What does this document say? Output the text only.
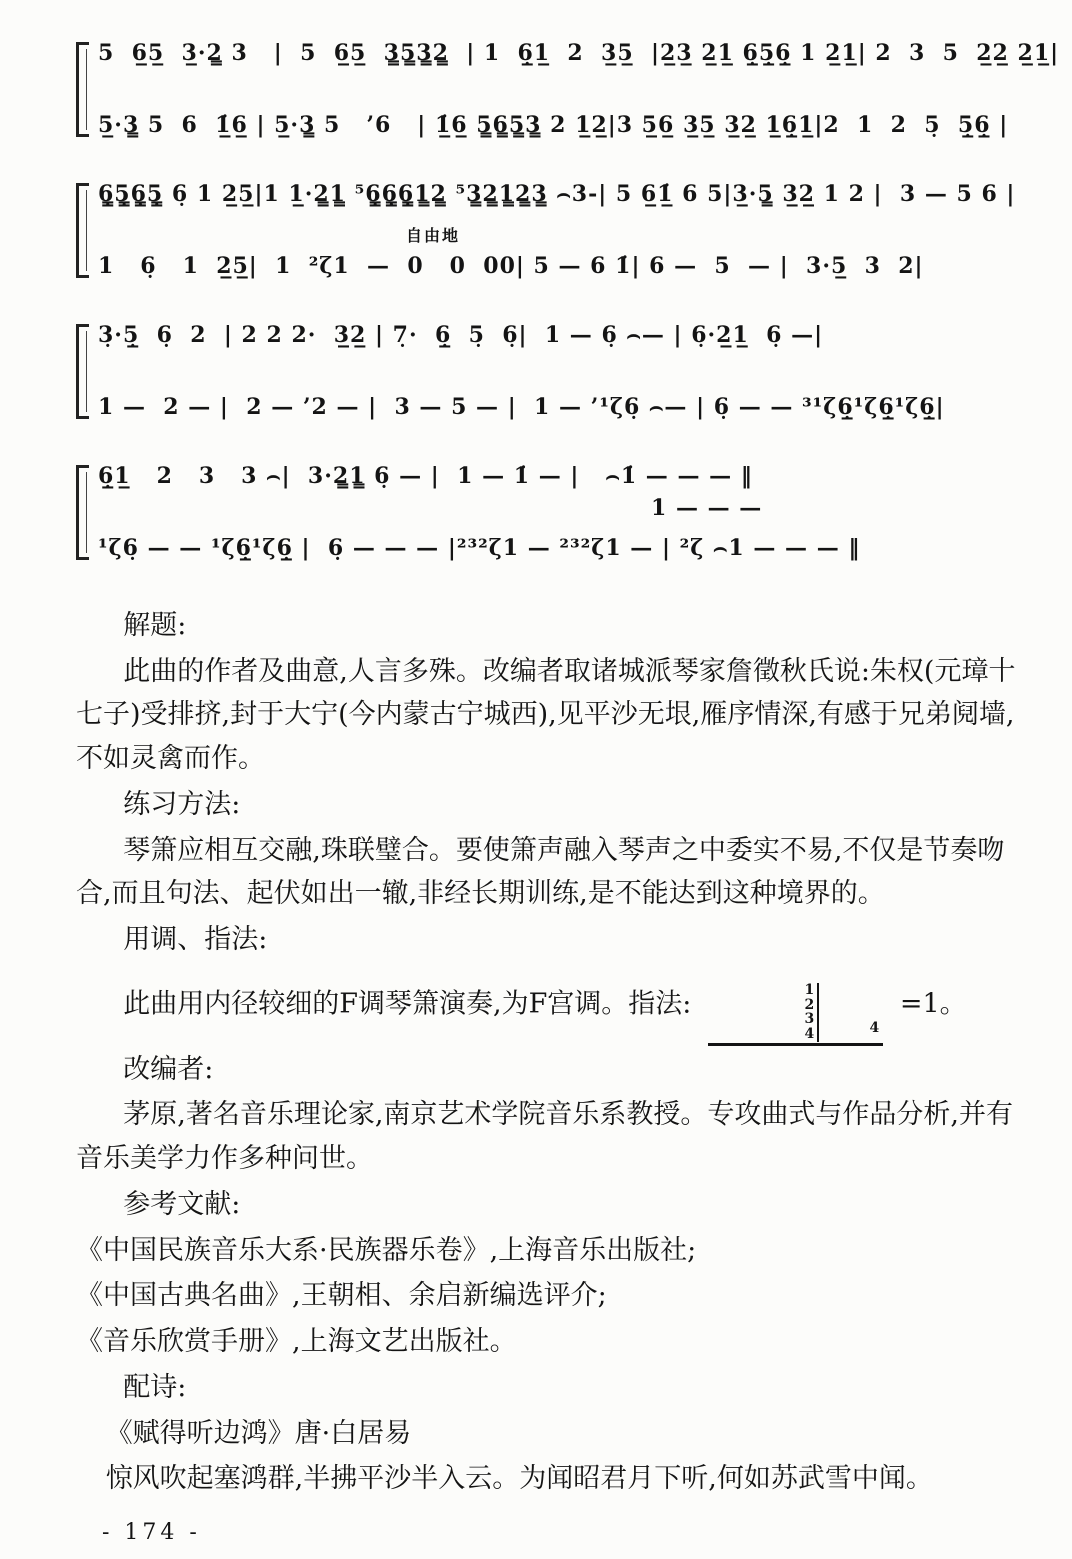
5  6̲5̲  3̲·2̳ 3   |  5  6̲5̲  3̳5̳3̳2̳  | 1  6̲̣1̲  2  3̲5̲  |2̲3̲ 2̲1̲ 6̲̣5̲̣6̲̣ 1 2̲1̲| 2  3  5  2̲2̲ 2̲1̲|
5̲·3̳ 5  6  1̲̇6̲ | 5̲·3̳ 5   ’6   | 1̲̇6̲ 5̳6̳5̳3̳ 2 1̲2̲|3 5̲6̲ 3̲5̲ 3̲2̲ 1̲6̲̣1̲|2  1  2  5̣  5̲̣6̲̣ |
6̳̣5̳̣6̳̣5̳̣ 6̣ 1 2̲5̲|1 1̲·2̳1̳ ⁵6̳̣6̳̣6̳̣1̳2̳ ⁵3̳2̳1̳2̳3̳ ⌢3-| 5 6̲1̲̇ 6 5|3̲·5̳ 3̲2̲ 1 2 |  3 — 5 6 |
自由地
1   6̣   1  2̲5̲|  1  ²ζ1  —  0   0  00| 5 — 6 1̇| 6 —  5  — |  3·5̲  3  2|
3̣·5̲̣  6̣  2  | 2 2 2·  3̲2̲ | 7̣·  6̲̣  5̣  6̣|  1 — 6̣ ⌢— | 6̣·2̲1̲  6̣ —|
1 —  2 — |  2 — ’2 — |  3 — 5 — |  1 — ’¹ζ6̣ ⌢— | 6̣ — — ³¹ζ6̲̣¹ζ6̲̣¹ζ6̲̣|
6̲̣1̲   2   3   3 ⌢|  3·2̳1̳ 6̣ — |  1 — 1̇ — |   ⌢1̇ — — — ‖
1 — — —
¹ζ6̣ — — ¹ζ6̲̣¹ζ6̲̣ |  6̣ — — — |²³²ζ1 — ²³²ζ1 — | ²ζ ⌢1 — — — ‖

解题:

此曲的作者及曲意,人言多殊。改编者取诸城派琴家詹徵秋氏说:朱权(元璋十七子)受排挤,封于大宁(今内蒙古宁城西),见平沙无垠,雁序情深,有感于兄弟阋墙,不如灵禽而作。

练习方法:

琴箫应相互交融,珠联璧合。要使箫声融入琴声之中委实不易,不仅是节奏吻合,而且句法、起伏如出一辙,非经长期训练,是不能达到这种境界的。

用调、指法:

此曲用内径较细的F调琴箫演奏,为F宫调。指法:	1
2
3
4	4 =1。

改编者:

茅原,著名音乐理论家,南京艺术学院音乐系教授。专攻曲式与作品分析,并有音乐美学力作多种问世。

参考文献:

《中国民族音乐大系·民族器乐卷》,上海音乐出版社;

《中国古典名曲》,王朝相、余启新编选评介;

《音乐欣赏手册》,上海文艺出版社。

配诗:

《赋得听边鸿》唐·白居易

惊风吹起塞鸿群,半拂平沙半入云。为闻昭君月下听,何如苏武雪中闻。

- 174 -
